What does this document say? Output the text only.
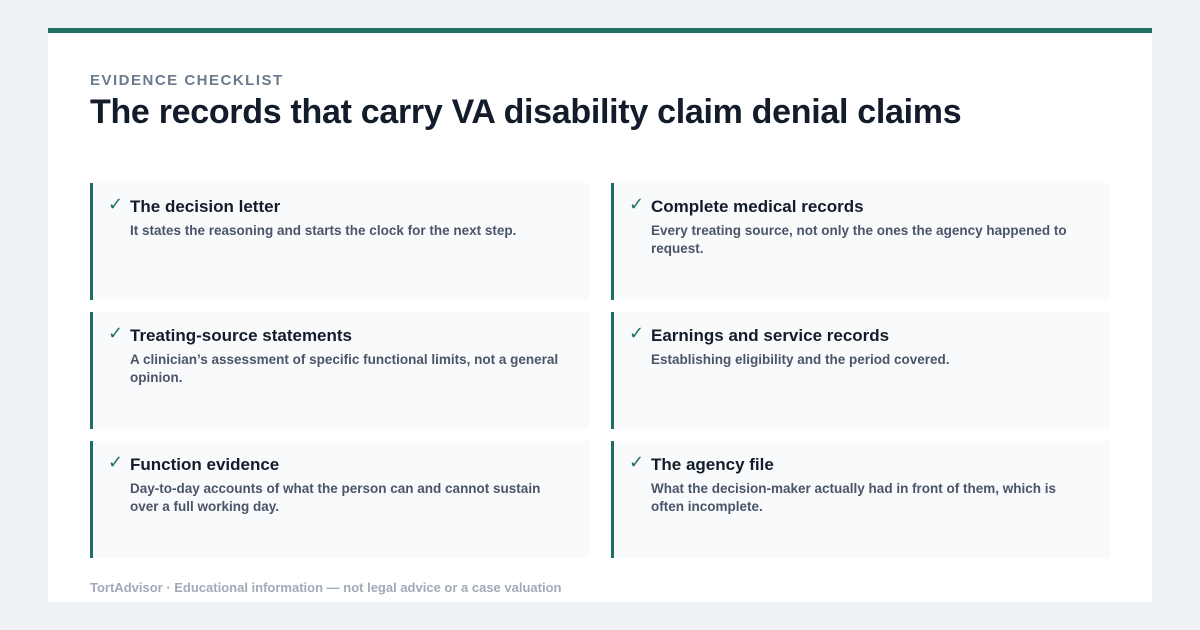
EVIDENCE CHECKLIST
The records that carry VA disability claim denial claims
✓ The decision letter
It states the reasoning and starts the clock for the next step.
✓ Complete medical records
Every treating source, not only the ones the agency happened to request.
✓ Treating-source statements
A clinician’s assessment of specific functional limits, not a general opinion.
✓ Earnings and service records
Establishing eligibility and the period covered.
✓ Function evidence
Day-to-day accounts of what the person can and cannot sustain over a full working day.
✓ The agency file
What the decision-maker actually had in front of them, which is often incomplete.
TortAdvisor · Educational information — not legal advice or a case valuation
